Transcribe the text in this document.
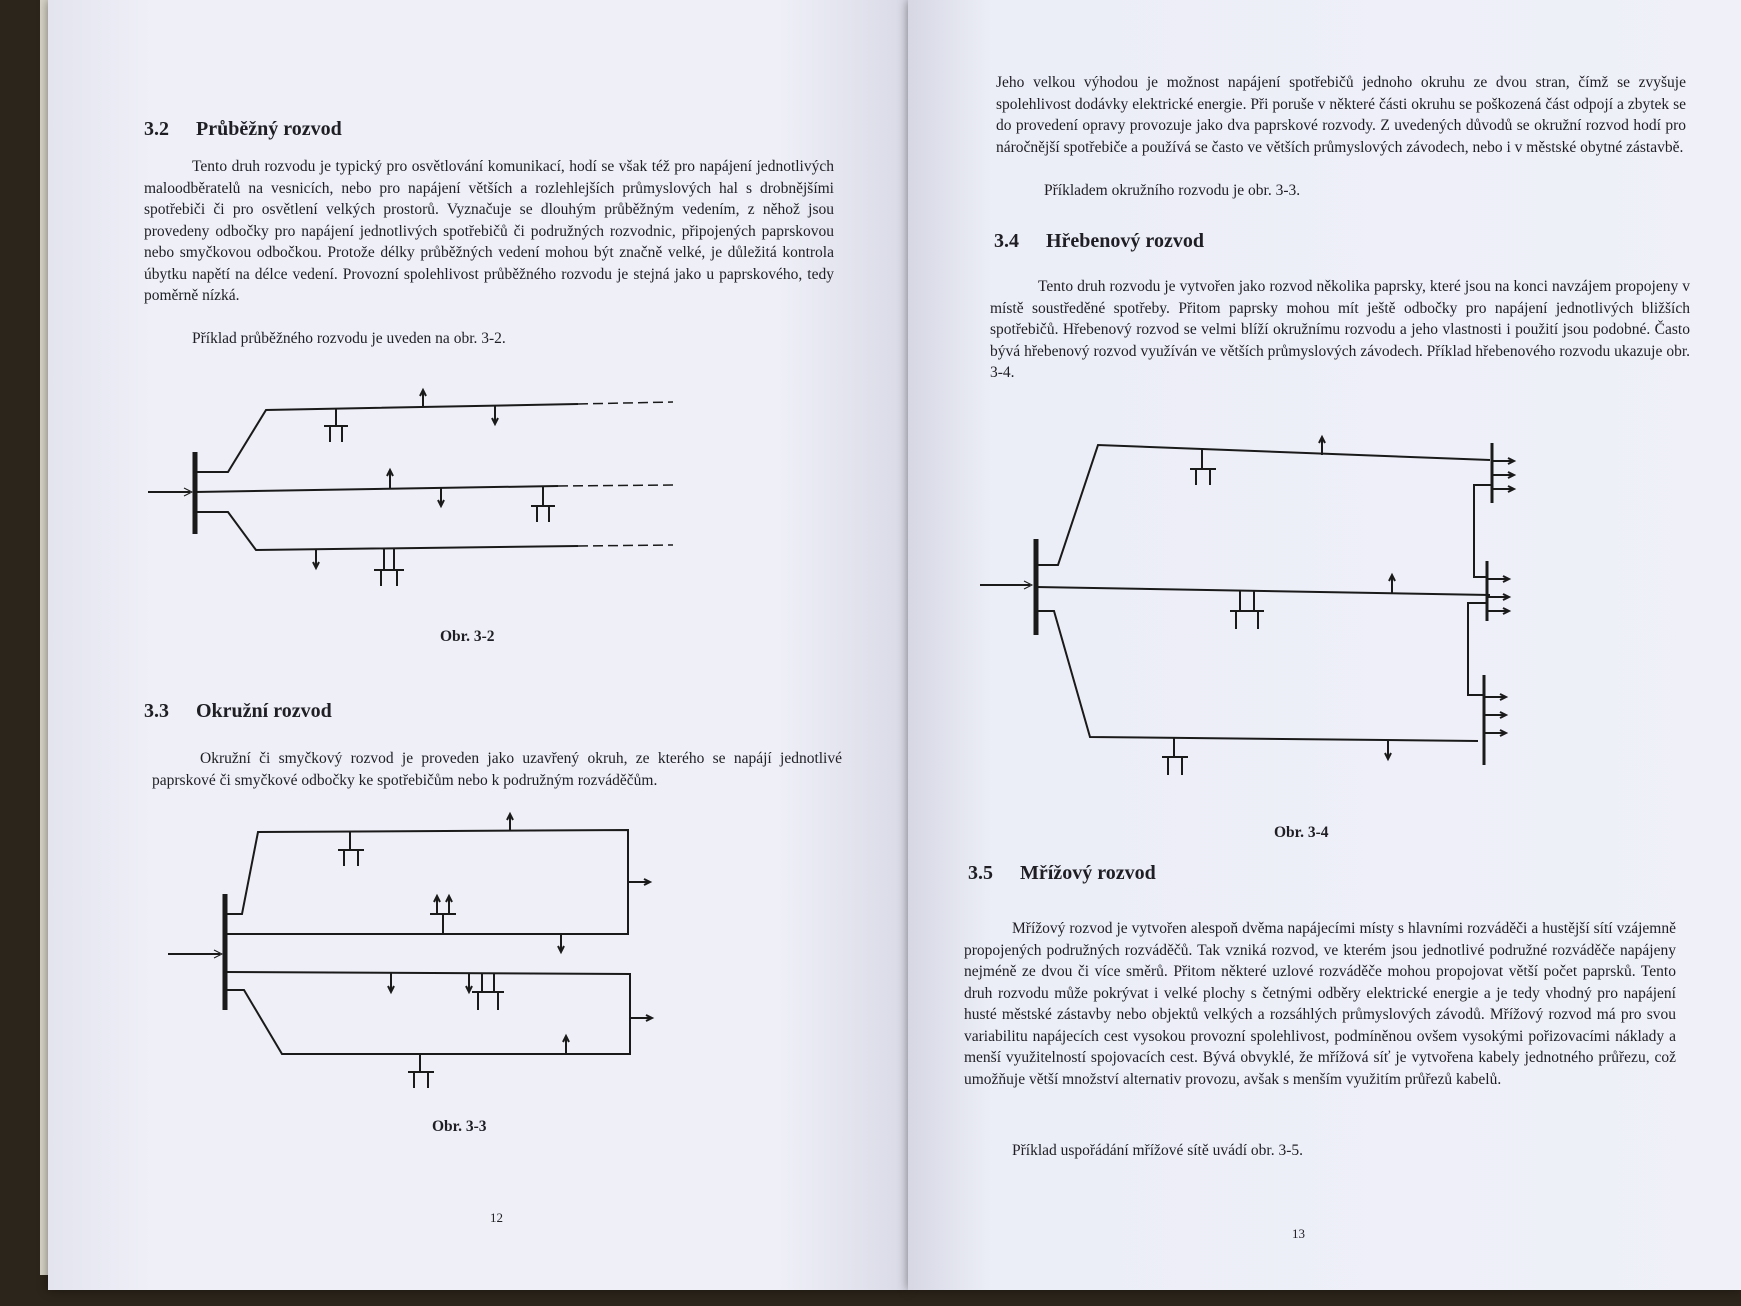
3.2 Průběžný rozvod

Tento druh rozvodu je typický pro osvětlování komunikací, hodí se však též pro napájení jednotlivých maloodběratelů na vesnicích, nebo pro napájení větších a rozlehlejších průmyslových hal s drobnějšími spotřebiči či pro osvětlení velkých prostorů. Vyznačuje se dlouhým průběžným vedením, z něhož jsou provedeny odbočky pro napájení jednotlivých spotřebičů či podružných rozvodnic, připojených paprskovou nebo smyčkovou odbočkou. Protože délky průběžných vedení mohou být značně velké, je důležitá kontrola úbytku napětí na délce vedení. Provozní spolehlivost průběžného rozvodu je stejná jako u paprskového, tedy poměrně nízká.

Příklad průběžného rozvodu je uveden na obr. 3-2.

Obr. 3-2
3.3 Okružní rozvod

Okružní či smyčkový rozvod je proveden jako uzavřený okruh, ze kterého se napájí jednotlivé paprskové či smyčkové odbočky ke spotřebičům nebo k podružným rozváděčům.

Obr. 3-3
12

Jeho velkou výhodou je možnost napájení spotřebičů jednoho okruhu ze dvou stran, čímž se zvyšuje spolehlivost dodávky elektrické energie. Při poruše v některé části okruhu se poškozená část odpojí a zbytek se do provedení opravy provozuje jako dva paprskové rozvody. Z uvedených důvodů se okružní rozvod hodí pro náročnější spotřebiče a používá se často ve větších průmyslových závodech, nebo i v městské obytné zástavbě.

Příkladem okružního rozvodu je obr. 3-3.

3.4 Hřebenový rozvod

Tento druh rozvodu je vytvořen jako rozvod několika paprsky, které jsou na konci navzájem propojeny v místě soustředěné spotřeby. Přitom paprsky mohou mít ještě odbočky pro napájení jednotlivých bližších spotřebičů. Hřebenový rozvod se velmi blíží okružnímu rozvodu a jeho vlastnosti i použití jsou podobné. Často bývá hřebenový rozvod využíván ve větších průmyslových závodech. Příklad hřebenového rozvodu ukazuje obr. 3-4.

Obr. 3-4
3.5 Mřížový rozvod

Mřížový rozvod je vytvořen alespoň dvěma napájecími místy s hlavními rozváděči a hustější sítí vzájemně propojených podružných rozváděčů. Tak vzniká rozvod, ve kterém jsou jednotlivé podružné rozváděče napájeny nejméně ze dvou či více směrů. Přitom některé uzlové rozváděče mohou propojovat větší počet paprsků. Tento druh rozvodu může pokrývat i velké plochy s četnými odběry elektrické energie a je tedy vhodný pro napájení husté městské zástavby nebo objektů velkých a rozsáhlých průmyslových závodů. Mřížový rozvod má pro svou variabilitu napájecích cest vysokou provozní spolehlivost, podmíněnou ovšem vysokými pořizovacími náklady a menší využitelností spojovacích cest. Bývá obvyklé, že mřížová síť je vytvořena kabely jednotného průřezu, což umožňuje větší množství alternativ provozu, avšak s menším využitím průřezů kabelů.

Příklad uspořádání mřížové sítě uvádí obr. 3-5.

13
